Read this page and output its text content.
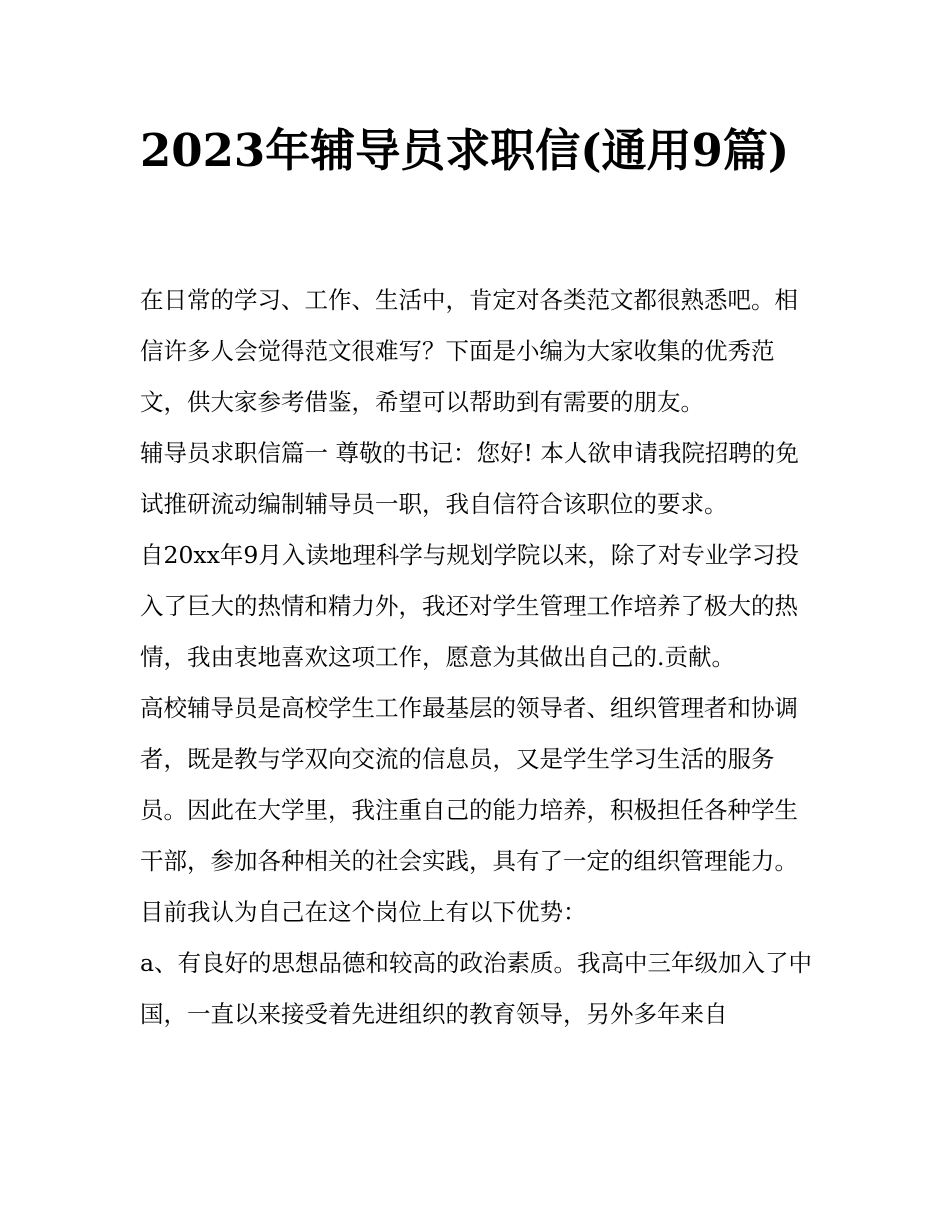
2023年辅导员求职信(通用9篇)

在日常的学习、工作、生活中，肯定对各类范文都很熟悉吧。相信许多人会觉得范文很难写？下面是小编为大家收集的优秀范文，供大家参考借鉴，希望可以帮助到有需要的朋友。

辅导员求职信篇一 尊敬的书记：您好! 本人欲申请我院招聘的免试推研流动编制辅导员一职，我自信符合该职位的要求。

自20xx年9月入读地理科学与规划学院以来，除了对专业学习投入了巨大的热情和精力外，我还对学生管理工作培养了极大的热情，我由衷地喜欢这项工作，愿意为其做出自己的.贡献。

高校辅导员是高校学生工作最基层的领导者、组织管理者和协调者，既是教与学双向交流的信息员，又是学生学习生活的服务员。因此在大学里，我注重自己的能力培养，积极担任各种学生干部，参加各种相关的社会实践，具有了一定的组织管理能力。目前我认为自己在这个岗位上有以下优势：

a、有良好的思想品德和较高的政治素质。我高中三年级加入了中国，一直以来接受着先进组织的教育领导，另外多年来自
